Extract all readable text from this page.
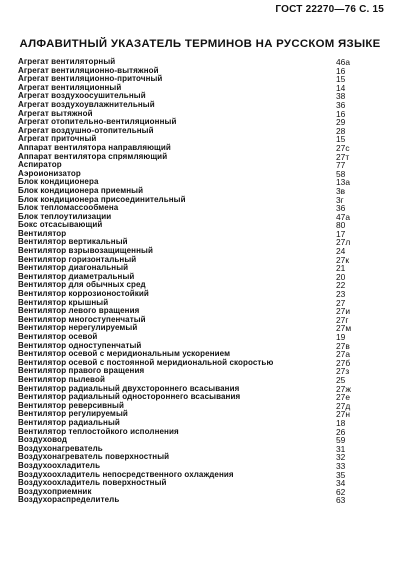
ГОСТ 22270—76 С. 15
АЛФАВИТНЫЙ УКАЗАТЕЛЬ ТЕРМИНОВ НА РУССКОМ ЯЗЫКЕ
Агрегат вентиляторный	46а
Агрегат вентиляционно-вытяжной	16
Агрегат вентиляционно-приточный	15
Агрегат вентиляционный	14
Агрегат воздухоосушительный	38
Агрегат воздухоувлажнительный	36
Агрегат вытяжной	16
Агрегат отопительно-вентиляционный	29
Агрегат воздушно-отопительный	28
Агрегат приточный	15
Аппарат вентилятора направляющий	27с
Аппарат вентилятора спрямляющий	27т
Аспиратор	77
Аэроионизатор	58
Блок кондиционера	13а
Блок кондиционера приемный	3в
Блок кондиционера присоединительный	3г
Блок тепломассообмена	36
Блок теплоутилизации	47а
Бокс отсасывающий	80
Вентилятор	17
Вентилятор вертикальный	27л
Вентилятор взрывозащищенный	24
Вентилятор горизонтальный	27к
Вентилятор диагональный	21
Вентилятор диаметральный	20
Вентилятор для обычных сред	22
Вентилятор коррозионостойкий	23
Вентилятор крышный	27
Вентилятор левого вращения	27и
Вентилятор многоступенчатый	27г
Вентилятор нерегулируемый	27м
Вентилятор осевой	19
Вентилятор одноступенчатый	27в
Вентилятор осевой с меридиональным ускорением	27а
Вентилятор осевой с постоянной меридиональной скоростью	27б
Вентилятор правого вращения	27з
Вентилятор пылевой	25
Вентилятор радиальный двухстороннего всасывания	27ж
Вентилятор радиальный одностороннего всасывания	27е
Вентилятор реверсивный	27д
Вентилятор регулируемый	27н
Вентилятор радиальный	18
Вентилятор теплостойкого исполнения	26
Воздуховод	59
Воздухонагреватель	31
Воздухонагреватель поверхностный	32
Воздухоохладитель	33
Воздухоохладитель непосредственного охлаждения	35
Воздухоохладитель поверхностный	34
Воздухоприемник	62
Воздухораспределитель	63
